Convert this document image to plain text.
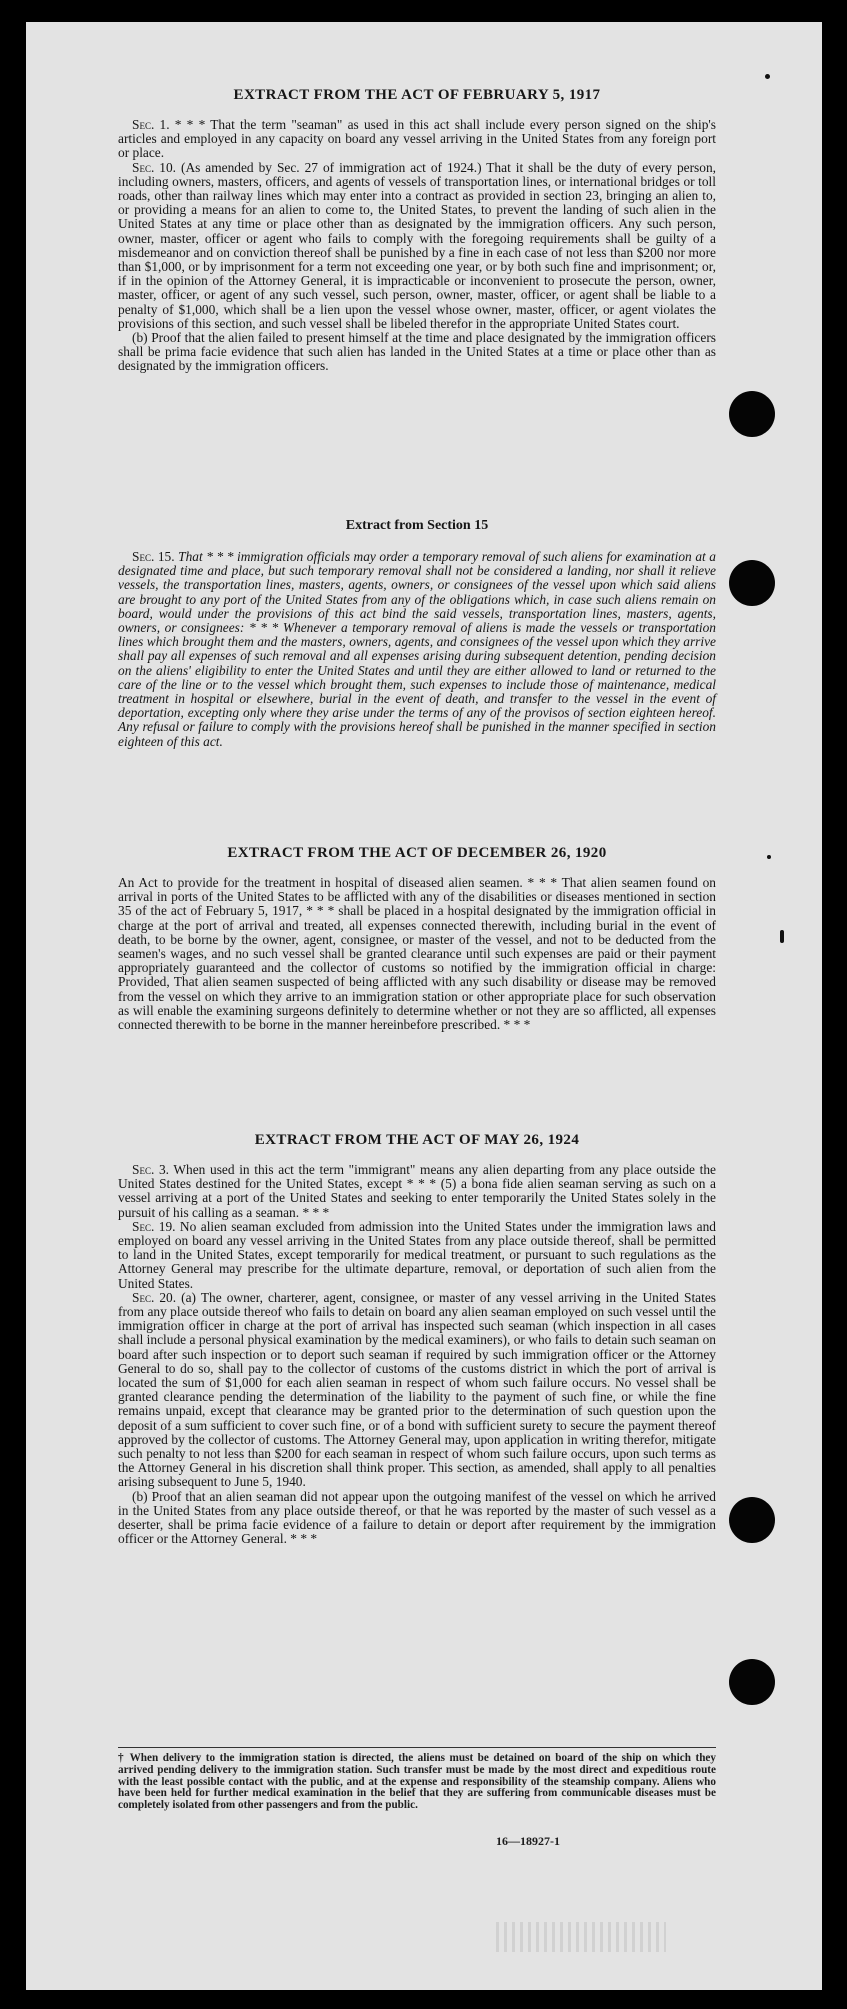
EXTRACT FROM THE ACT OF FEBRUARY 5, 1917

Sec. 1. * * * That the term "seaman" as used in this act shall include every person signed on the ship's articles and employed in any capacity on board any vessel arriving in the United States from any foreign port or place.

Sec. 10. (As amended by Sec. 27 of immigration act of 1924.) That it shall be the duty of every person, including owners, masters, officers, and agents of vessels of transportation lines, or international bridges or toll roads, other than railway lines which may enter into a contract as provided in section 23, bringing an alien to, or providing a means for an alien to come to, the United States, to prevent the landing of such alien in the United States at any time or place other than as designated by the immigration officers. Any such person, owner, master, officer or agent who fails to comply with the foregoing requirements shall be guilty of a misdemeanor and on conviction thereof shall be punished by a fine in each case of not less than $200 nor more than $1,000, or by imprisonment for a term not exceeding one year, or by both such fine and imprisonment; or, if in the opinion of the Attorney General, it is impracticable or inconvenient to prosecute the person, owner, master, officer, or agent of any such vessel, such person, owner, master, officer, or agent shall be liable to a penalty of $1,000, which shall be a lien upon the vessel whose owner, master, officer, or agent violates the provisions of this section, and such vessel shall be libeled therefor in the appropriate United States court.

(b) Proof that the alien failed to present himself at the time and place designated by the immigration officers shall be prima facie evidence that such alien has landed in the United States at a time or place other than as designated by the immigration officers.

Extract from Section 15

Sec. 15. That * * * immigration officials may order a temporary removal of such aliens for examination at a designated time and place, but such temporary removal shall not be considered a landing, nor shall it relieve vessels, the transportation lines, masters, agents, owners, or consignees of the vessel upon which said aliens are brought to any port of the United States from any of the obligations which, in case such aliens remain on board, would under the provisions of this act bind the said vessels, transportation lines, masters, agents, owners, or consignees: * * * Whenever a temporary removal of aliens is made the vessels or transportation lines which brought them and the masters, owners, agents, and consignees of the vessel upon which they arrive shall pay all expenses of such removal and all expenses arising during subsequent detention, pending decision on the aliens' eligibility to enter the United States and until they are either allowed to land or returned to the care of the line or to the vessel which brought them, such expenses to include those of maintenance, medical treatment in hospital or elsewhere, burial in the event of death, and transfer to the vessel in the event of deportation, excepting only where they arise under the terms of any of the provisos of section eighteen hereof. Any refusal or failure to comply with the provisions hereof shall be punished in the manner specified in section eighteen of this act.

EXTRACT FROM THE ACT OF DECEMBER 26, 1920

An Act to provide for the treatment in hospital of diseased alien seamen. * * * That alien seamen found on arrival in ports of the United States to be afflicted with any of the disabilities or diseases mentioned in section 35 of the act of February 5, 1917, * * * shall be placed in a hospital designated by the immigration official in charge at the port of arrival and treated, all expenses connected therewith, including burial in the event of death, to be borne by the owner, agent, consignee, or master of the vessel, and not to be deducted from the seamen's wages, and no such vessel shall be granted clearance until such expenses are paid or their payment appropriately guaranteed and the collector of customs so notified by the immigration official in charge: Provided, That alien seamen suspected of being afflicted with any such disability or disease may be removed from the vessel on which they arrive to an immigration station or other appropriate place for such observation as will enable the examining surgeons definitely to determine whether or not they are so afflicted, all expenses connected therewith to be borne in the manner hereinbefore prescribed. * * *

EXTRACT FROM THE ACT OF MAY 26, 1924

Sec. 3. When used in this act the term "immigrant" means any alien departing from any place outside the United States destined for the United States, except * * * (5) a bona fide alien seaman serving as such on a vessel arriving at a port of the United States and seeking to enter temporarily the United States solely in the pursuit of his calling as a seaman. * * *

Sec. 19. No alien seaman excluded from admission into the United States under the immigration laws and employed on board any vessel arriving in the United States from any place outside thereof, shall be permitted to land in the United States, except temporarily for medical treatment, or pursuant to such regulations as the Attorney General may prescribe for the ultimate departure, removal, or deportation of such alien from the United States.

Sec. 20. (a) The owner, charterer, agent, consignee, or master of any vessel arriving in the United States from any place outside thereof who fails to detain on board any alien seaman employed on such vessel until the immigration officer in charge at the port of arrival has inspected such seaman (which inspection in all cases shall include a personal physical examination by the medical examiners), or who fails to detain such seaman on board after such inspection or to deport such seaman if required by such immigration officer or the Attorney General to do so, shall pay to the collector of customs of the customs district in which the port of arrival is located the sum of $1,000 for each alien seaman in respect of whom such failure occurs. No vessel shall be granted clearance pending the determination of the liability to the payment of such fine, or while the fine remains unpaid, except that clearance may be granted prior to the determination of such question upon the deposit of a sum sufficient to cover such fine, or of a bond with sufficient surety to secure the payment thereof approved by the collector of customs. The Attorney General may, upon application in writing therefor, mitigate such penalty to not less than $200 for each seaman in respect of whom such failure occurs, upon such terms as the Attorney General in his discretion shall think proper. This section, as amended, shall apply to all penalties arising subsequent to June 5, 1940.

(b) Proof that an alien seaman did not appear upon the outgoing manifest of the vessel on which he arrived in the United States from any place outside thereof, or that he was reported by the master of such vessel as a deserter, shall be prima facie evidence of a failure to detain or deport after requirement by the immigration officer or the Attorney General. * * *

† When delivery to the immigration station is directed, the aliens must be detained on board of the ship on which they arrived pending delivery to the immigration station. Such transfer must be made by the most direct and expeditious route with the least possible contact with the public, and at the expense and responsibility of the steamship company. Aliens who have been held for further medical examination in the belief that they are suffering from communicable diseases must be completely isolated from other passengers and from the public.

16—18927-1
